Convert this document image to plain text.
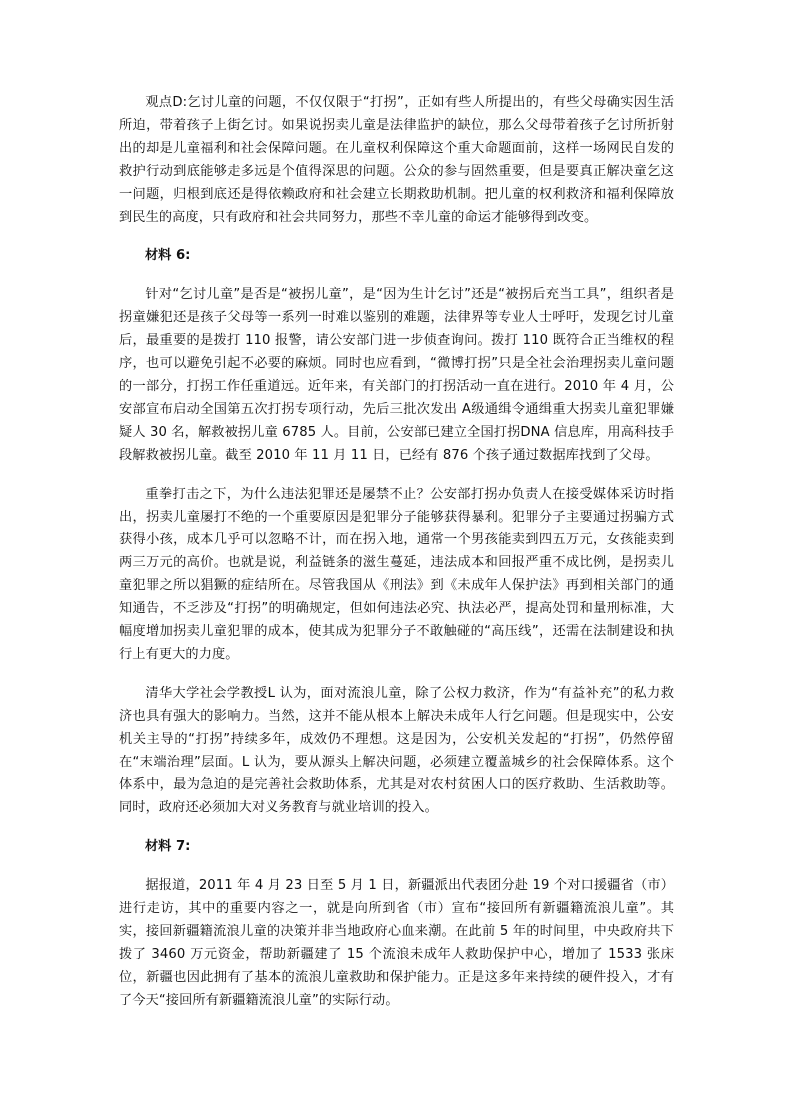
观点D:乞讨儿童的问题，不仅仅限于“打拐”，正如有些人所提出的，有些父母确实因生活所迫，带着孩子上街乞讨。如果说拐卖儿童是法律监护的缺位，那么父母带着孩子乞讨所折射出的却是儿童福利和社会保障问题。在儿童权利保障这个重大命题面前，这样一场网民自发的救护行动到底能够走多远是个值得深思的问题。公众的参与固然重要，但是要真正解决童乞这一问题，归根到底还是得依赖政府和社会建立长期救助机制。把儿童的权利救济和福利保障放到民生的高度，只有政府和社会共同努力，那些不幸儿童的命运才能够得到改变。

材料 6:

针对“乞讨儿童”是否是“被拐儿童”，是“因为生计乞讨”还是“被拐后充当工具”，组织者是拐童嫌犯还是孩子父母等一系列一时难以鉴别的难题，法律界等专业人士呼吁，发现乞讨儿童后，最重要的是拨打 110 报警，请公安部门进一步侦查询问。拨打 110 既符合正当维权的程序，也可以避免引起不必要的麻烦。同时也应看到，“微博打拐”只是全社会治理拐卖儿童问题的一部分，打拐工作任重道远。近年来，有关部门的打拐活动一直在进行。2010 年 4 月，公安部宣布启动全国第五次打拐专项行动，先后三批次发出 A级通缉令通缉重大拐卖儿童犯罪嫌疑人 30 名，解救被拐儿童 6785 人。目前，公安部已建立全国打拐DNA 信息库，用高科技手段解救被拐儿童。截至 2010 年 11 月 11 日，已经有 876 个孩子通过数据库找到了父母。

重拳打击之下，为什么违法犯罪还是屡禁不止？公安部打拐办负责人在接受媒体采访时指出，拐卖儿童屡打不绝的一个重要原因是犯罪分子能够获得暴利。犯罪分子主要通过拐骗方式获得小孩，成本几乎可以忽略不计，而在拐入地，通常一个男孩能卖到四五万元，女孩能卖到两三万元的高价。也就是说，利益链条的滋生蔓延，违法成本和回报严重不成比例，是拐卖儿童犯罪之所以猖獗的症结所在。尽管我国从《刑法》到《未成年人保护法》再到相关部门的通知通告，不乏涉及“打拐”的明确规定，但如何违法必究、执法必严，提高处罚和量刑标准，大幅度增加拐卖儿童犯罪的成本，使其成为犯罪分子不敢触碰的“高压线”，还需在法制建设和执行上有更大的力度。

清华大学社会学教授L 认为，面对流浪儿童，除了公权力救济，作为“有益补充”的私力救济也具有强大的影响力。当然，这并不能从根本上解决未成年人行乞问题。但是现实中，公安机关主导的“打拐”持续多年，成效仍不理想。这是因为，公安机关发起的“打拐”，仍然停留在“末端治理”层面。L 认为，要从源头上解决问题，必须建立覆盖城乡的社会保障体系。这个体系中，最为急迫的是完善社会救助体系，尤其是对农村贫困人口的医疗救助、生活救助等。同时，政府还必须加大对义务教育与就业培训的投入。

材料 7:

据报道，2011 年 4 月 23 日至 5 月 1 日，新疆派出代表团分赴 19 个对口援疆省（市）进行走访，其中的重要内容之一，就是向所到省（市）宣布“接回所有新疆籍流浪儿童”。其实，接回新疆籍流浪儿童的决策并非当地政府心血来潮。在此前 5 年的时间里，中央政府共下拨了 3460 万元资金，帮助新疆建了 15 个流浪未成年人救助保护中心，增加了 1533 张床位，新疆也因此拥有了基本的流浪儿童救助和保护能力。正是这多年来持续的硬件投入，才有了今天“接回所有新疆籍流浪儿童”的实际行动。
